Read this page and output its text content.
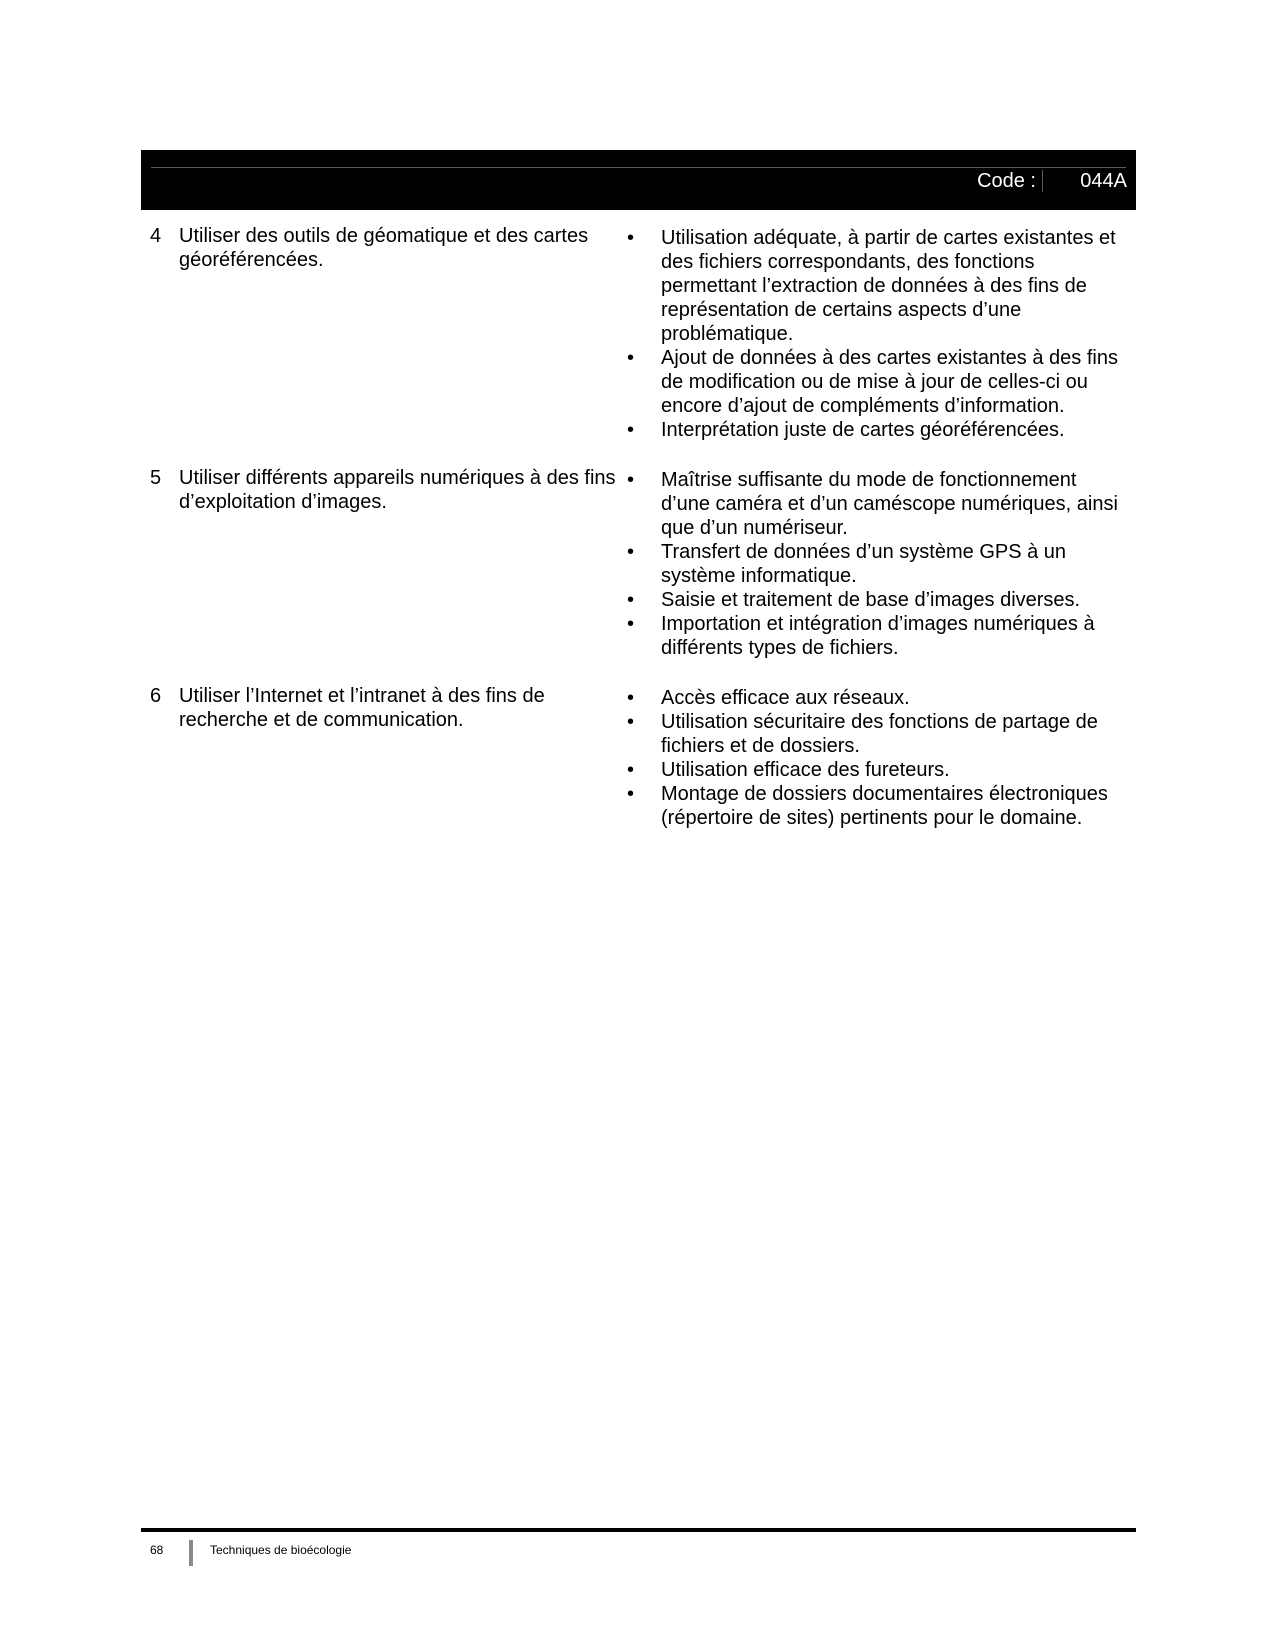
Code : 044A
4 Utiliser des outils de géomatique et des cartes géoréférencées.
• Utilisation adéquate, à partir de cartes existantes et des fichiers correspondants, des fonctions permettant l’extraction de données à des fins de représentation de certains aspects d’une problématique.
• Ajout de données à des cartes existantes à des fins de modification ou de mise à jour de celles-ci ou encore d’ajout de compléments d’information.
• Interprétation juste de cartes géoréférencées.
5 Utiliser différents appareils numériques à des fins d’exploitation d’images.
• Maîtrise suffisante du mode de fonctionnement d’une caméra et d’un caméscope numériques, ainsi que d’un numériseur.
• Transfert de données d’un système GPS à un système informatique.
• Saisie et traitement de base d’images diverses.
• Importation et intégration d’images numériques à différents types de fichiers.
6 Utiliser l’Internet et l’intranet à des fins de recherche et de communication.
• Accès efficace aux réseaux.
• Utilisation sécuritaire des fonctions de partage de fichiers et de dossiers.
• Utilisation efficace des fureteurs.
• Montage de dossiers documentaires électroniques (répertoire de sites) pertinents pour le domaine.
68	Techniques de bioécologie
